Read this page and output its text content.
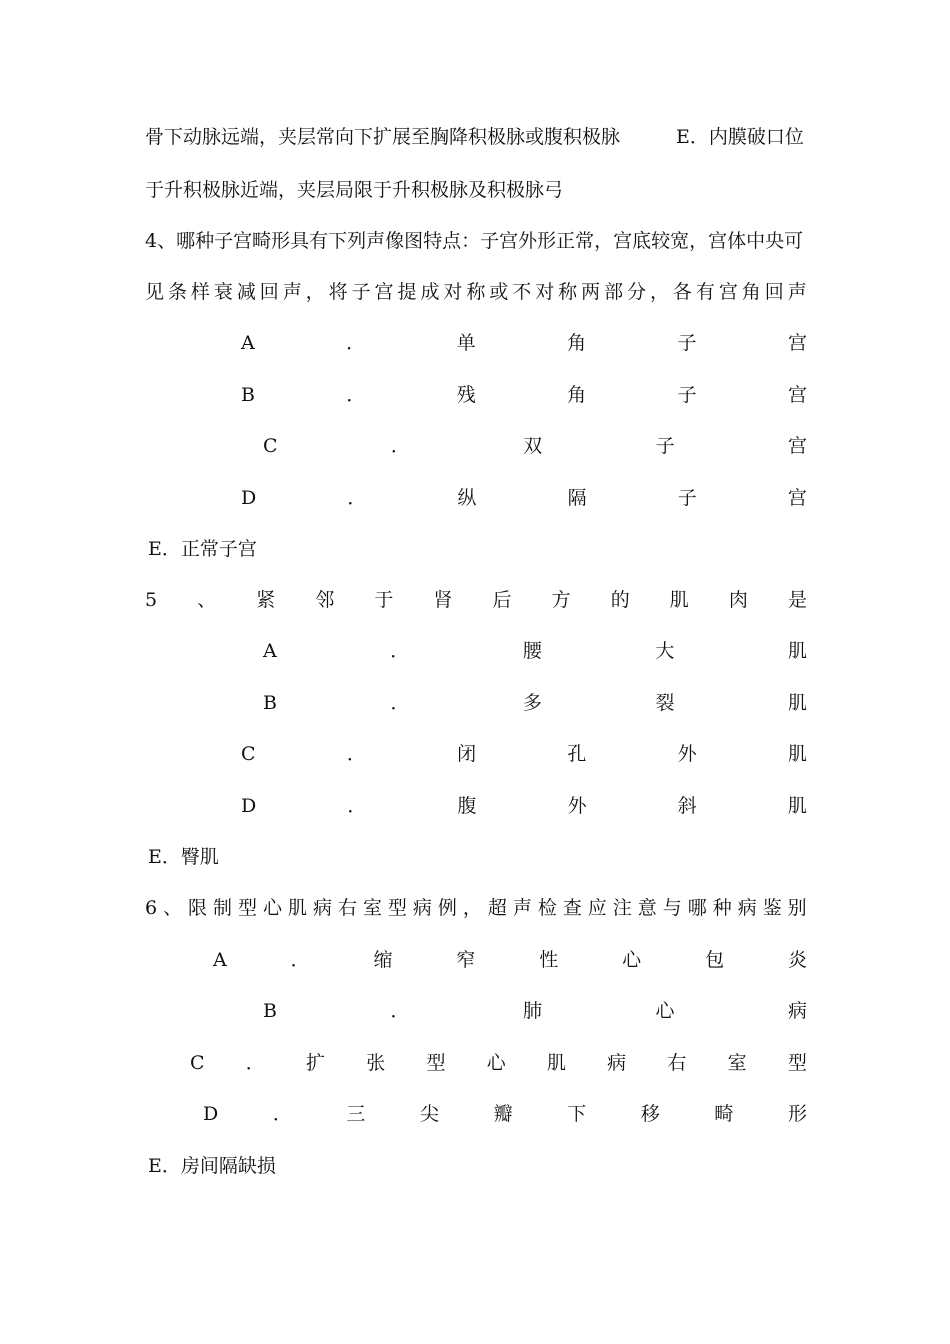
骨下动脉远端，夹层常向下扩展至胸降积极脉或腹积极脉	E．内膜破口位
于升积极脉近端，夹层局限于升积极脉及积极脉弓
4、哪种子宫畸形具有下列声像图特点：子宫外形正常，宫底较宽，宫体中央可
见 条 样 衰 减 回 声 ， 将 子 宫 提 成 对 称 或 不 对 称 两 部 分 ， 各 有 宫 角 回 声
A	．	单	角	子	宫
B	．	残	角	子	宫
C	．	双	子	宫
D	．	纵	隔	子	宫
E．正常子宫
5 、 紧 邻 于 肾 后 方 的 肌 肉 是
A	．	腰	大	肌
B	．	多	裂	肌
C	．	闭	孔	外	肌
D	．	腹	外	斜	肌
E．臀肌
6 、 限 制 型 心 肌 病 右 室 型 病 例 ， 超 声 检 查 应 注 意 与 哪 种 病 鉴 别
A	．	缩	窄	性	心	包	炎
B	．	肺	心	病
C ． 扩 张 型 心 肌 病 右 室 型
D	．	三	尖	瓣	下	移	畸	形
E．房间隔缺损
